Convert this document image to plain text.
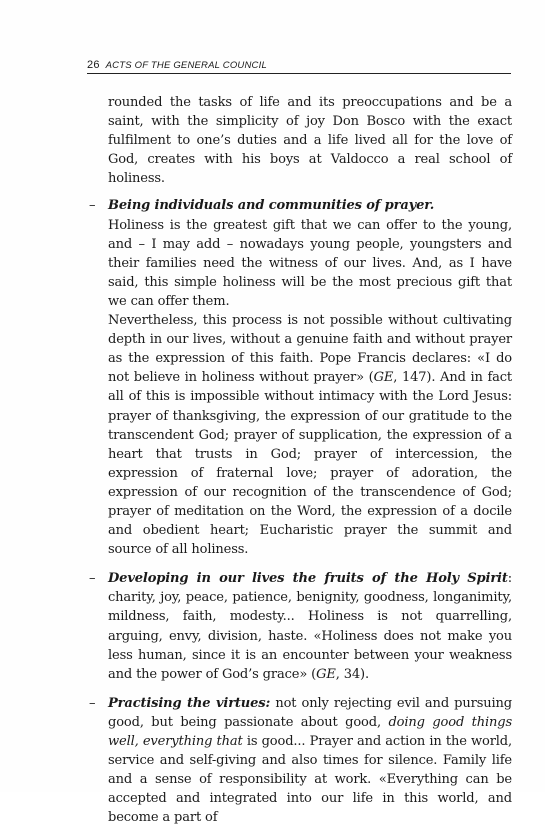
26 ACTS OF THE GENERAL COUNCIL

rounded the tasks of life and its preoccupations and be a saint, with the simplicity of joy Don Bosco with the exact fulfilment to one’s duties and a life lived all for the love of God, creates with his boys at Valdocco a real school of holiness.

– Being individuals and communities of prayer.

Holiness is the greatest gift that we can offer to the young, and – I may add – nowadays young people, youngsters and their families need the witness of our lives. And, as I have said, this simple holiness will be the most precious gift that we can offer them.

Nevertheless, this process is not possible without cultivating depth in our lives, without a genuine faith and without prayer as the expression of this faith. Pope Francis declares: «I do not believe in holiness without prayer» (GE, 147). And in fact all of this is impossible without intimacy with the Lord Jesus: prayer of thanksgiving, the expression of our gratitude to the transcendent God; prayer of supplication, the expression of a heart that trusts in God; prayer of intercession, the expression of fraternal love; prayer of adoration, the expression of our recognition of the transcendence of God; prayer of meditation on the Word, the expression of a docile and obedient heart; Eucharistic prayer the summit and source of all holiness.

– Developing in our lives the fruits of the Holy Spirit: charity, joy, peace, patience, benignity, goodness, longanimity, mildness, faith, modesty... Holiness is not quarrelling, arguing, envy, division, haste. «Holiness does not make you less human, since it is an encounter between your weakness and the power of God’s grace» (GE, 34).

– Practising the virtues: not only rejecting evil and pursuing good, but being passionate about good, doing good things well, everything that is good... Prayer and action in the world, service and self-giving and also times for silence. Family life and a sense of responsibility at work. «Everything can be accepted and integrated into our life in this world, and become a part of
